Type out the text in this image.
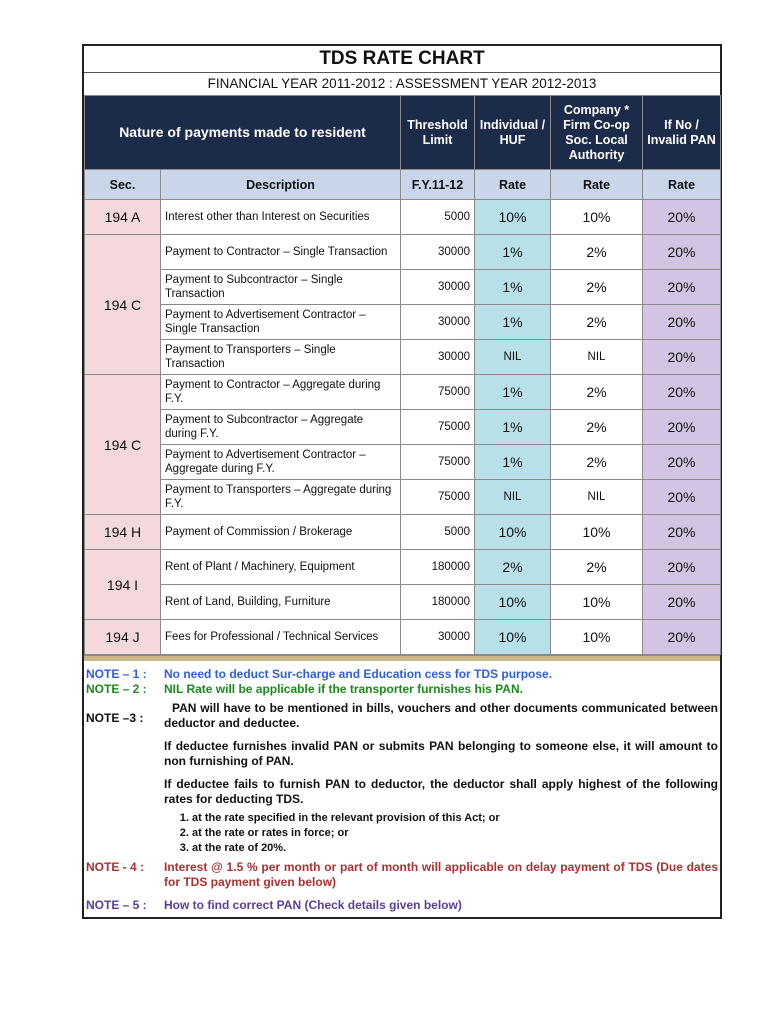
TDS RATE CHART
FINANCIAL YEAR 2011-2012 : ASSESSMENT YEAR 2012-2013
Nature of payments made to resident		Threshold Limit	Individual / HUF	Company * Firm Co-op Soc. Local Authority	If No / Invalid PAN
Sec.	Description	F.Y.11-12	Rate	Rate	Rate
194 A	Interest other than Interest on Securities	5000	10%	10%	20%
194 C	Payment to Contractor – Single Transaction	30000	1%	2%	20%
	Payment to Subcontractor – Single Transaction	30000	1%	2%	20%
	Payment to Advertisement Contractor – Single Transaction	30000	1%	2%	20%
	Payment to Transporters – Single Transaction	30000	NIL	NIL	20%
194 C	Payment to Contractor – Aggregate during F.Y.	75000	1%	2%	20%
	Payment to Subcontractor – Aggregate during F.Y.	75000	1%	2%	20%
	Payment to Advertisement Contractor – Aggregate during F.Y.	75000	1%	2%	20%
	Payment to Transporters – Aggregate during F.Y.	75000	NIL	NIL	20%
194 H	Payment of Commission / Brokerage	5000	10%	10%	20%
194 I	Rent of Plant / Machinery, Equipment	180000	2%	2%	20%
	Rent of Land, Building, Furniture	180000	10%	10%	20%
194 J	Fees for Professional / Technical Services	30000	10%	10%	20%
NOTE – 1 :	No need to deduct Sur-charge and Education cess for TDS purpose.
NOTE – 2 :	NIL Rate will be applicable if the transporter furnishes his PAN.
NOTE –3 :
PAN will have to be mentioned in bills, vouchers and other documents communicated between deductor and deductee.
If deductee furnishes invalid PAN or submits PAN belonging to someone else, it will amount to non furnishing of PAN.
If deductee fails to furnish PAN to deductor, the deductor shall apply highest of the following rates for deducting TDS.
1. at the rate specified in the relevant provision of this Act; or
2. at the rate or rates in force; or
3. at the rate of 20%.
NOTE - 4 :	Interest @ 1.5 % per month or part of month will applicable on delay payment of TDS (Due dates for TDS payment given below)
NOTE – 5 :	How to find correct PAN (Check details given below)
